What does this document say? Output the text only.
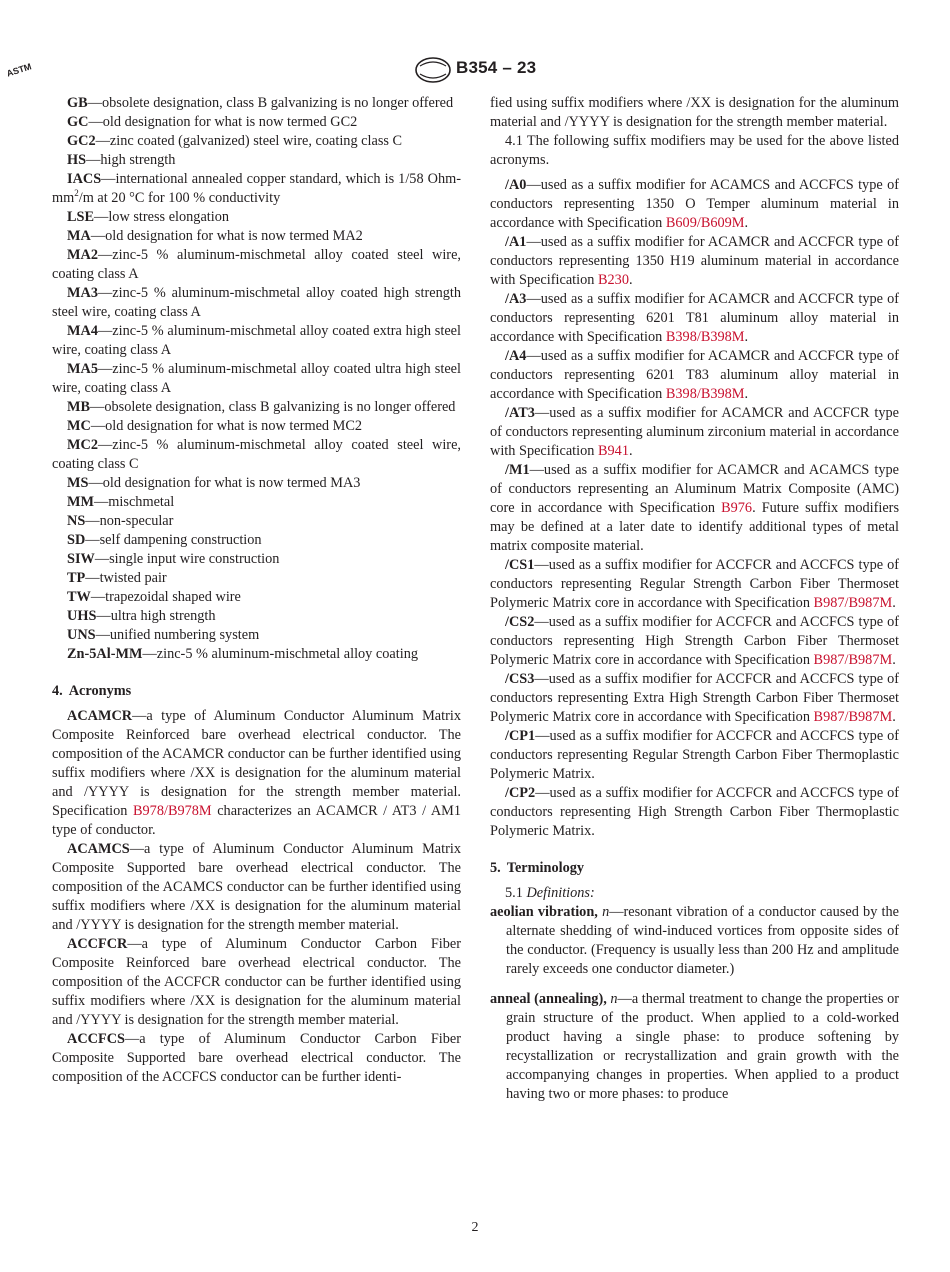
ASTM	B354 – 23

GB—obsolete designation, class B galvanizing is no longer offered

GC—old designation for what is now termed GC2

GC2—zinc coated (galvanized) steel wire, coating class C

HS—high strength

IACS—international annealed copper standard, which is 1/58 Ohm-$mm^2/m$ at 20 °C for 100 % conductivity

LSE—low stress elongation

MA—old designation for what is now termed MA2

MA2—zinc-5 % aluminum-mischmetal alloy coated steel wire, coating class A

MA3—zinc-5 % aluminum-mischmetal alloy coated high strength steel wire, coating class A

MA4—zinc-5 % aluminum-mischmetal alloy coated extra high steel wire, coating class A

MA5—zinc-5 % aluminum-mischmetal alloy coated ultra high steel wire, coating class A

MB—obsolete designation, class B galvanizing is no longer offered

MC—old designation for what is now termed MC2

MC2—zinc-5 % aluminum-mischmetal alloy coated steel wire, coating class C

MS—old designation for what is now termed MA3

MM—mischmetal

NS—non-specular

SD—self dampening construction

SIW—single input wire construction

TP—twisted pair

TW—trapezoidal shaped wire

UHS—ultra high strength

UNS—unified numbering system

Zn-5Al-MM—zinc-5 % aluminum-mischmetal alloy coating

4. Acronyms

ACAMCR—a type of Aluminum Conductor Aluminum Matrix Composite Reinforced bare overhead electrical conductor. The composition of the ACAMCR conductor can be further identified using suffix modifiers where /XX is designation for the aluminum material and /YYYY is designation for the strength member material. Specification B978/B978M characterizes an ACAMCR / AT3 / AM1 type of conductor.

ACAMCS—a type of Aluminum Conductor Aluminum Matrix Composite Supported bare overhead electrical conductor. The composition of the ACAMCS conductor can be further identified using suffix modifiers where /XX is designation for the aluminum material and /YYYY is designation for the strength member material.

ACCFCR—a type of Aluminum Conductor Carbon Fiber Composite Reinforced bare overhead electrical conductor. The composition of the ACCFCR conductor can be further identified using suffix modifiers where /XX is designation for the aluminum material and /YYYY is designation for the strength member material.

ACCFCS—a type of Aluminum Conductor Carbon Fiber Composite Supported bare overhead electrical conductor. The composition of the ACCFCS conductor can be further identi-

fied using suffix modifiers where /XX is designation for the aluminum material and /YYYY is designation for the strength member material.

4.1 The following suffix modifiers may be used for the above listed acronyms.

/A0—used as a suffix modifier for ACAMCS and ACCFCS type of conductors representing 1350 O Temper aluminum material in accordance with Specification B609/B609M.

/A1—used as a suffix modifier for ACAMCR and ACCFCR type of conductors representing 1350 H19 aluminum material in accordance with Specification B230.

/A3—used as a suffix modifier for ACAMCR and ACCFCR type of conductors representing 6201 T81 aluminum alloy material in accordance with Specification B398/B398M.

/A4—used as a suffix modifier for ACAMCR and ACCFCR type of conductors representing 6201 T83 aluminum alloy material in accordance with Specification B398/B398M.

/AT3—used as a suffix modifier for ACAMCR and ACCFCR type of conductors representing aluminum zirconium material in accordance with Specification B941.

/M1—used as a suffix modifier for ACAMCR and ACAMCS type of conductors representing an Aluminum Matrix Composite (AMC) core in accordance with Specification B976. Future suffix modifiers may be defined at a later date to identify additional types of metal matrix composite material.

/CS1—used as a suffix modifier for ACCFCR and ACCFCS type of conductors representing Regular Strength Carbon Fiber Thermoset Polymeric Matrix core in accordance with Specification B987/B987M.

/CS2—used as a suffix modifier for ACCFCR and ACCFCS type of conductors representing High Strength Carbon Fiber Thermoset Polymeric Matrix core in accordance with Specification B987/B987M.

/CS3—used as a suffix modifier for ACCFCR and ACCFCS type of conductors representing Extra High Strength Carbon Fiber Thermoset Polymeric Matrix core in accordance with Specification B987/B987M.

/CP1—used as a suffix modifier for ACCFCR and ACCFCS type of conductors representing Regular Strength Carbon Fiber Thermoplastic Polymeric Matrix.

/CP2—used as a suffix modifier for ACCFCR and ACCFCS type of conductors representing High Strength Carbon Fiber Thermoplastic Polymeric Matrix.

5. Terminology

5.1 Definitions:

aeolian vibration, n—resonant vibration of a conductor caused by the alternate shedding of wind-induced vortices from opposite sides of the conductor. (Frequency is usually less than 200 Hz and amplitude rarely exceeds one conductor diameter.)

anneal (annealing), n—a thermal treatment to change the properties or grain structure of the product. When applied to a cold-worked product having a single phase: to produce softening by recystallization or recrystallization and grain growth with the accompanying changes in properties. When applied to a product having two or more phases: to produce

2
